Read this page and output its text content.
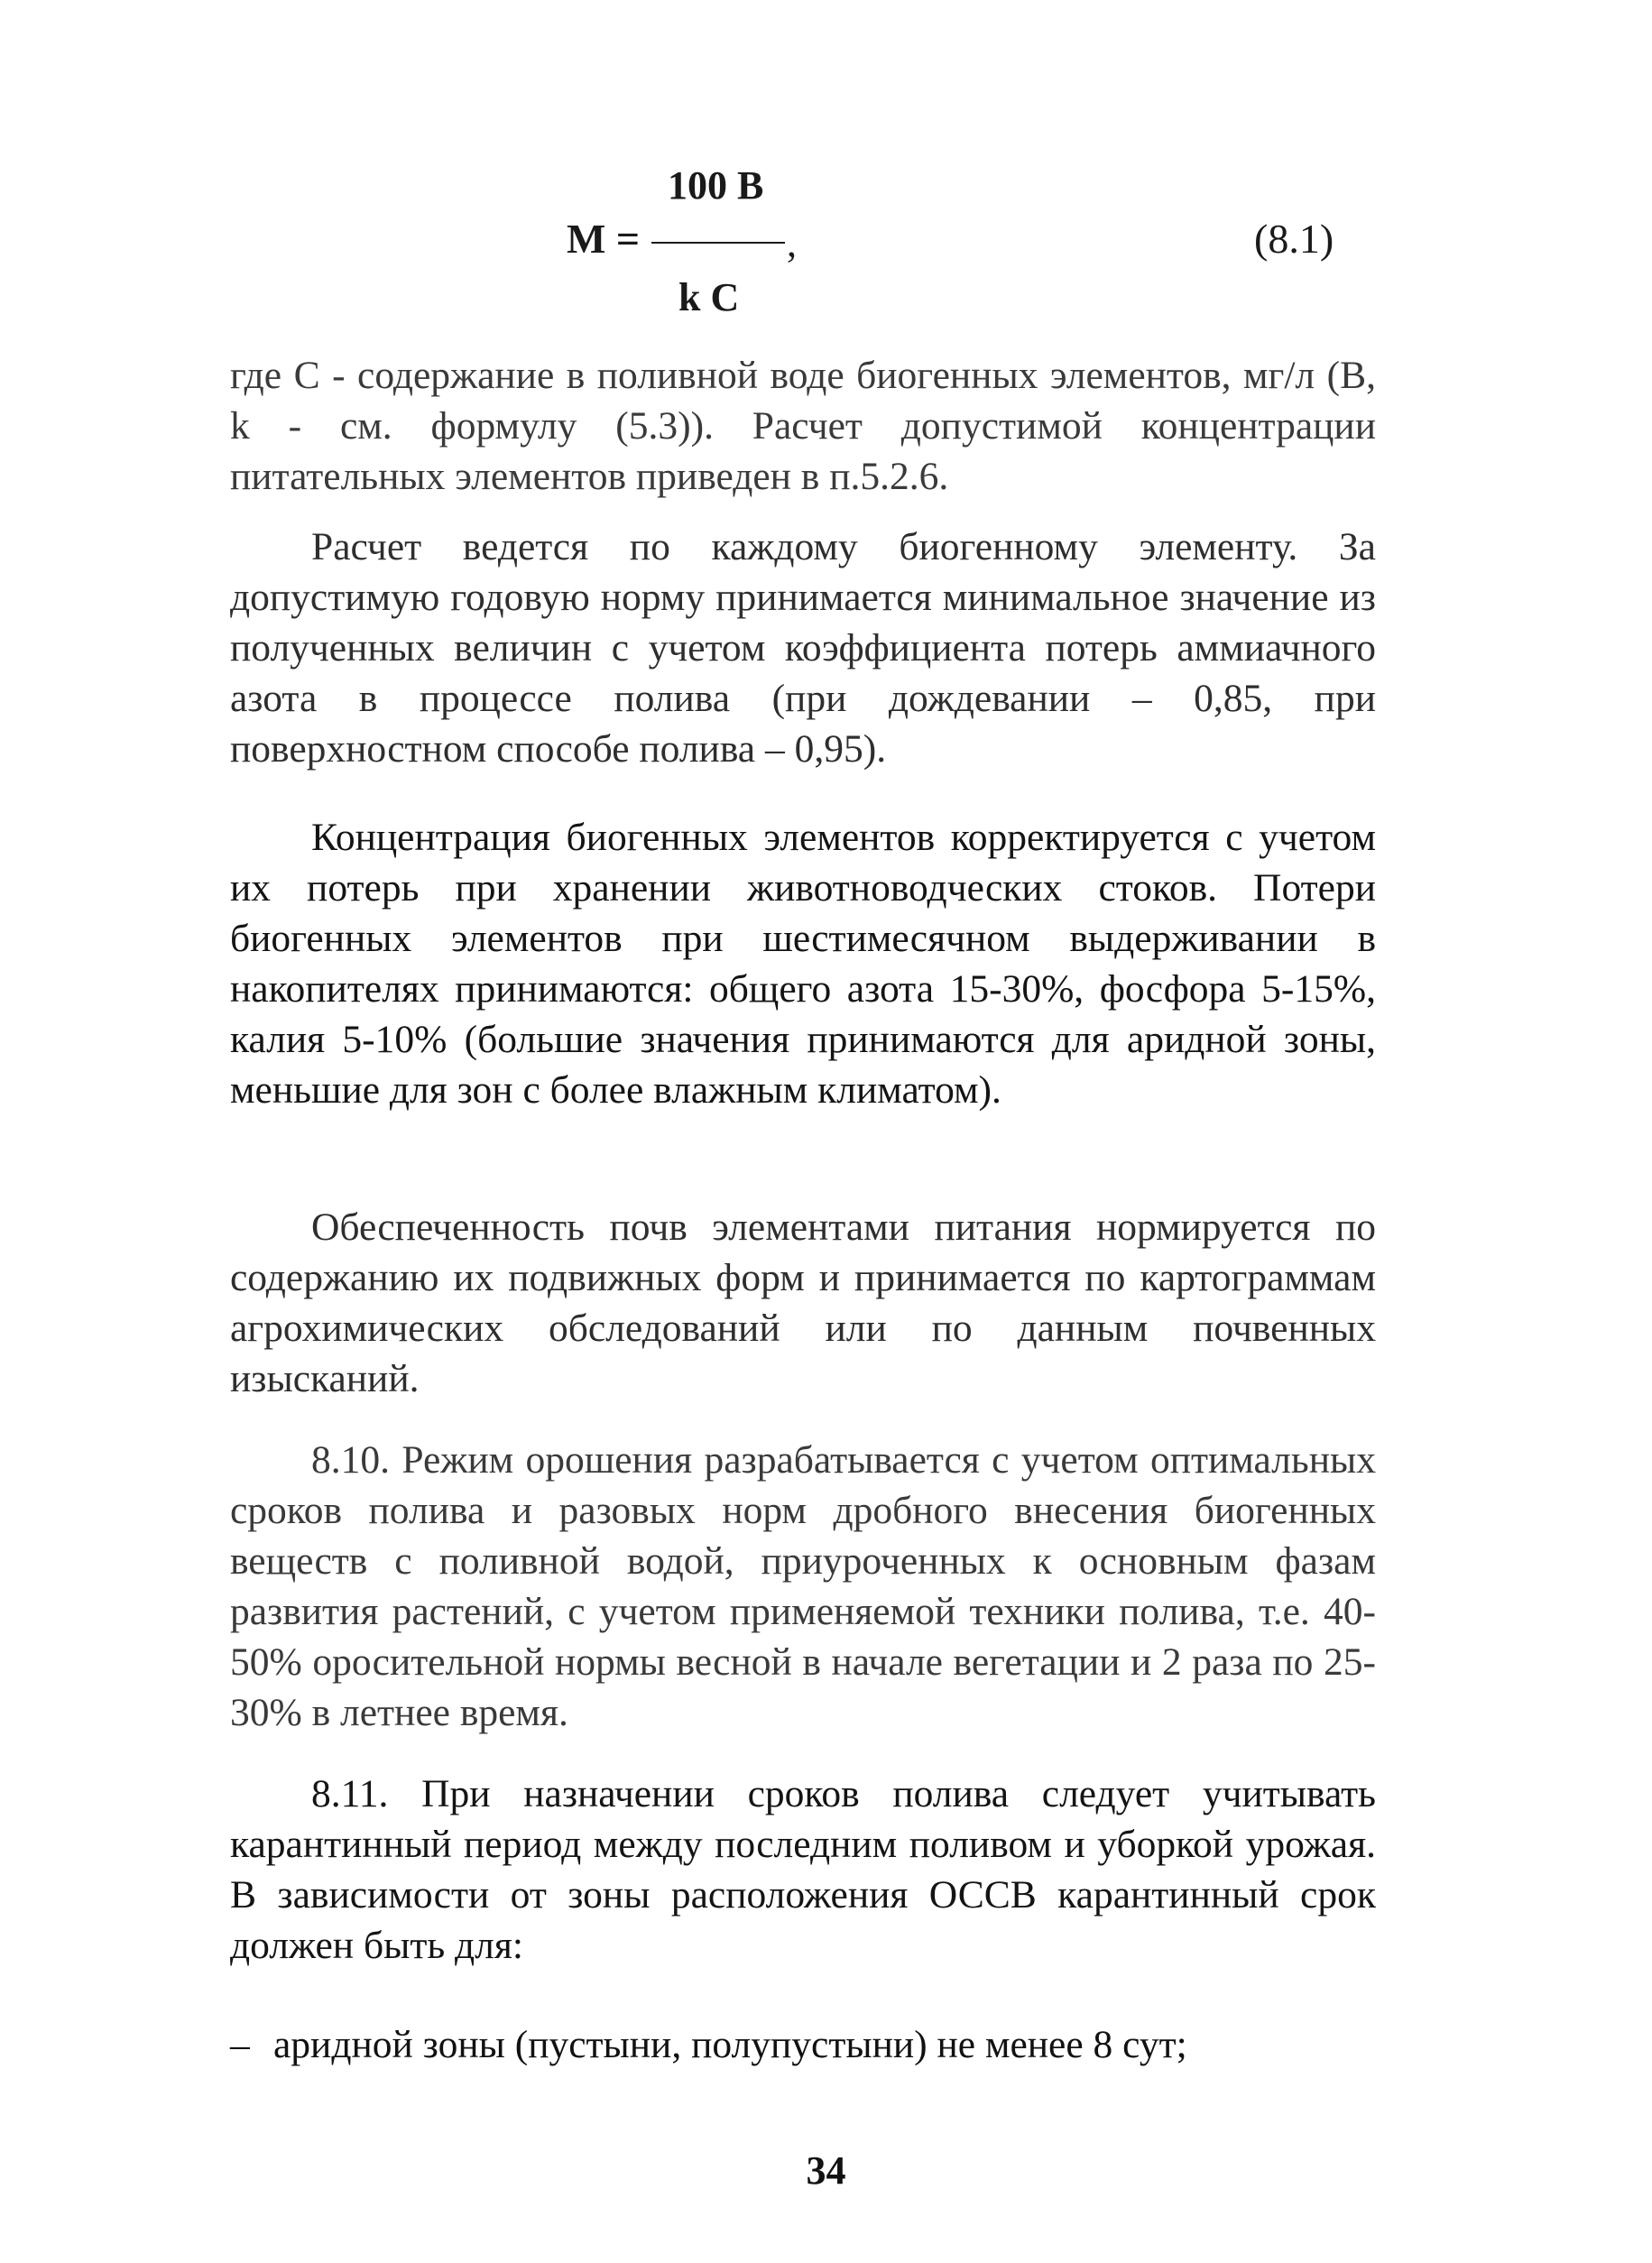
100 B
M =	,
k C
(8.1)

где С - содержание в поливной воде биогенных элементов, мг/л (В, k - см. формулу (5.3)). Расчет допустимой концентрации питательных элементов приведен в п.5.2.6.

Расчет ведется по каждому биогенному элементу. За допустимую годовую норму принимается минимальное значение из полученных величин с учетом коэффициента потерь аммиачного азота в процессе полива (при дождевании – 0,85, при поверхностном способе полива – 0,95).

Концентрация биогенных элементов корректируется с учетом их потерь при хранении животноводческих стоков. Потери биогенных элементов при шестимесячном выдерживании в накопителях принимаются: общего азота 15-30%, фосфора 5-15%, калия 5-10% (большие значения принимаются для аридной зоны, меньшие для зон с более влажным климатом).

Обеспеченность почв элементами питания нормируется по содержанию их подвижных форм и принимается по картограммам агрохимических обследований или по данным почвенных изысканий.

8.10. Режим орошения разрабатывается с учетом оптимальных сроков полива и разовых норм дробного внесения биогенных веществ с поливной водой, приуроченных к основным фазам развития растений, с учетом применяемой техники полива, т.е. 40-50% оросительной нормы весной в начале вегетации и 2 раза по 25-30% в летнее время.

8.11. При назначении сроков полива следует учитывать карантинный период между последним поливом и уборкой урожая. В зависимости от зоны расположения ОССВ карантинный срок должен быть для:

– аридной зоны (пустыни, полупустыни) не менее 8 сут;

34
